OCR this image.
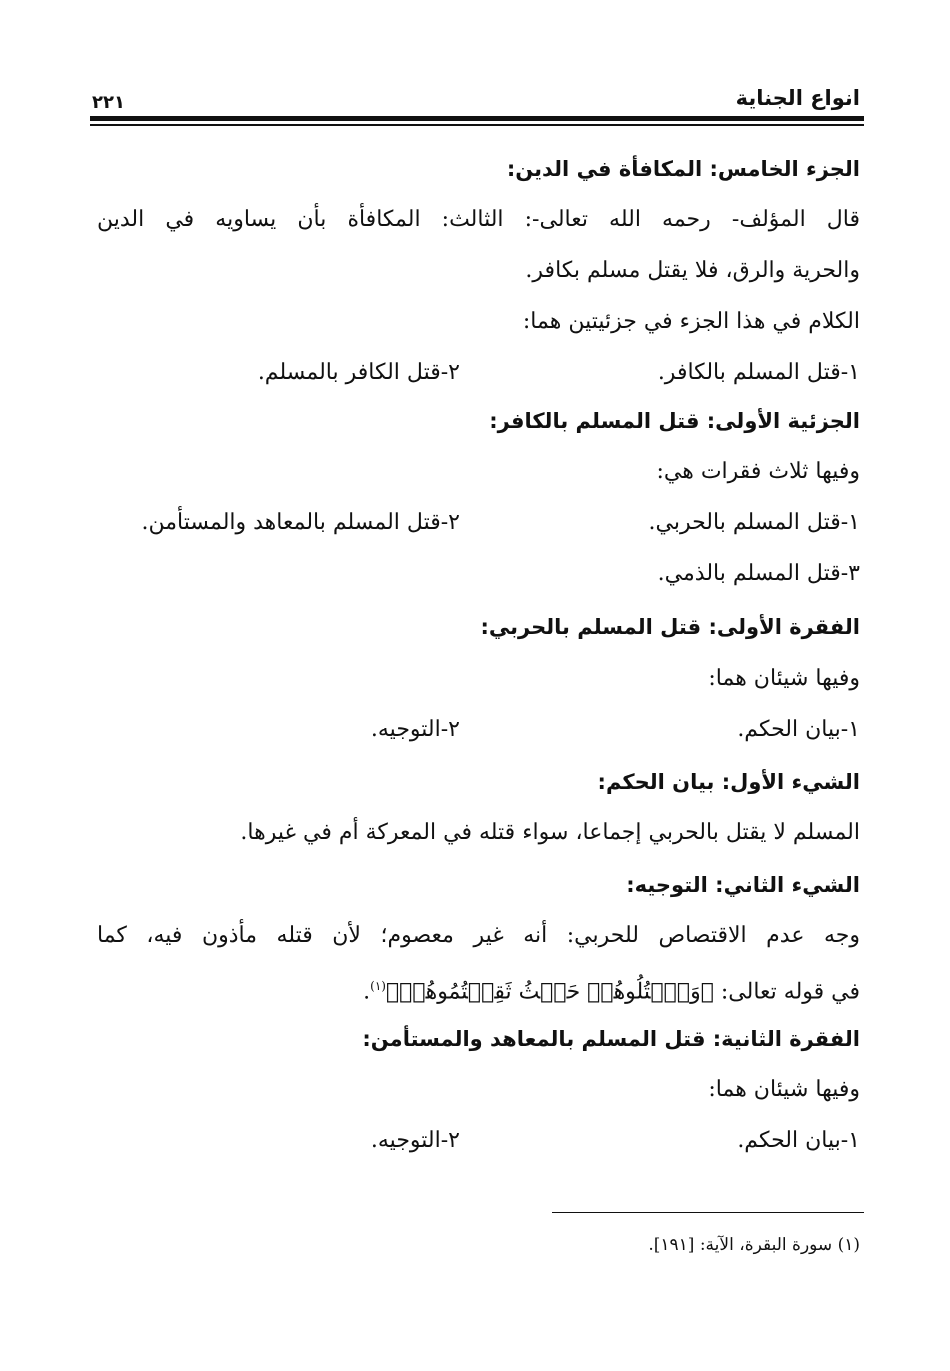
انواع الجناية
٢٢١
الجزء الخامس: المكافأة في الدين:
قال المؤلف- رحمه الله تعالى-: الثالث: المكافأة بأن يساويه في الدين
والحرية والرق، فلا يقتل مسلم بكافر.
الكلام في هذا الجزء في جزئيتين هما:
١-قتل المسلم بالكافر.
٢-قتل الكافر بالمسلم.
الجزئية الأولى: قتل المسلم بالكافر:
وفيها ثلاث فقرات هي:
١-قتل المسلم بالحربي.
٢-قتل المسلم بالمعاهد والمستأمن.
٣-قتل المسلم بالذمي.
الفقرة الأولى: قتل المسلم بالحربي:
وفيها شيئان هما:
١-بيان الحكم.
٢-التوجيه.
الشيء الأول: بيان الحكم:
المسلم لا يقتل بالحربي إجماعا، سواء قتله في المعركة أم في غيرها.
الشيء الثاني: التوجيه:
وجه عدم الاقتصاص للحربي: أنه غير معصوم؛ لأن قتله مأذون فيه، كما
في قوله تعالى: ﴿وَٱقۡتُلُوهُمۡ حَيۡثُ ثَقِفۡتُمُوهُمۡ﴾$^{(١)}$.
الفقرة الثانية: قتل المسلم بالمعاهد والمستأمن:
وفيها شيئان هما:
١-بيان الحكم.
٢-التوجيه.
(١) سورة البقرة، الآية: [١٩١].
